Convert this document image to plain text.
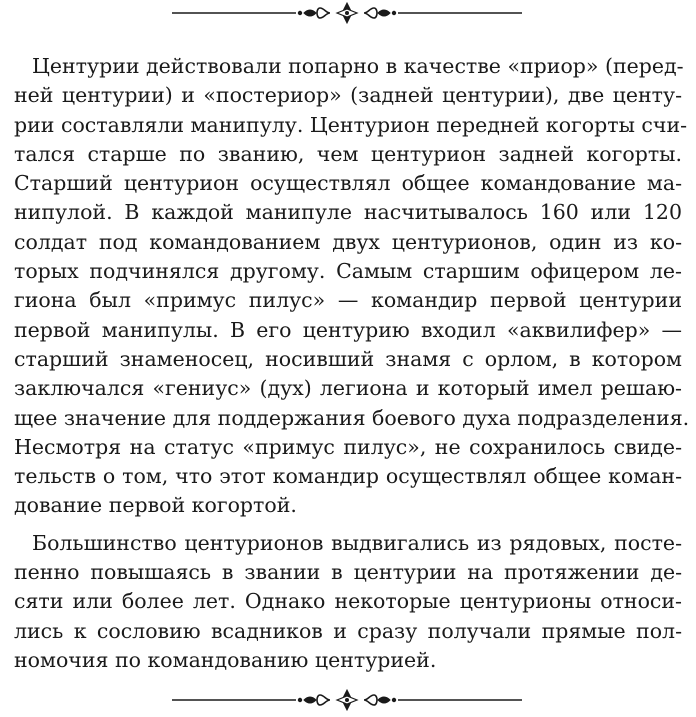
Центурии действовали попарно в качестве «приор» (перед-
ней центурии) и «постериор» (задней центурии), две центу-
рии составляли манипулу. Центурион передней когорты счи-
тался старше по званию, чем центурион задней когорты.
Старший центурион осуществлял общее командование ма-
нипулой. В каждой манипуле насчитывалось 160 или 120
солдат под командованием двух центурионов, один из ко-
торых подчинялся другому. Самым старшим офицером ле-
гиона был «примус пилус» — командир первой центурии
первой манипулы. В его центурию входил «аквилифер» —
старший знаменосец, носивший знамя с орлом, в котором
заключался «гениус» (дух) легиона и который имел решаю-
щее значение для поддержания боевого духа подразделения.
Несмотря на статус «примус пилус», не сохранилось свиде-
тельств о том, что этот командир осуществлял общее коман-
дование первой когортой.

Большинство центурионов выдвигались из рядовых, посте-
пенно повышаясь в звании в центурии на протяжении де-
сяти или более лет. Однако некоторые центурионы относи-
лись к сословию всадников и сразу получали прямые пол-
номочия по командованию центурией.
